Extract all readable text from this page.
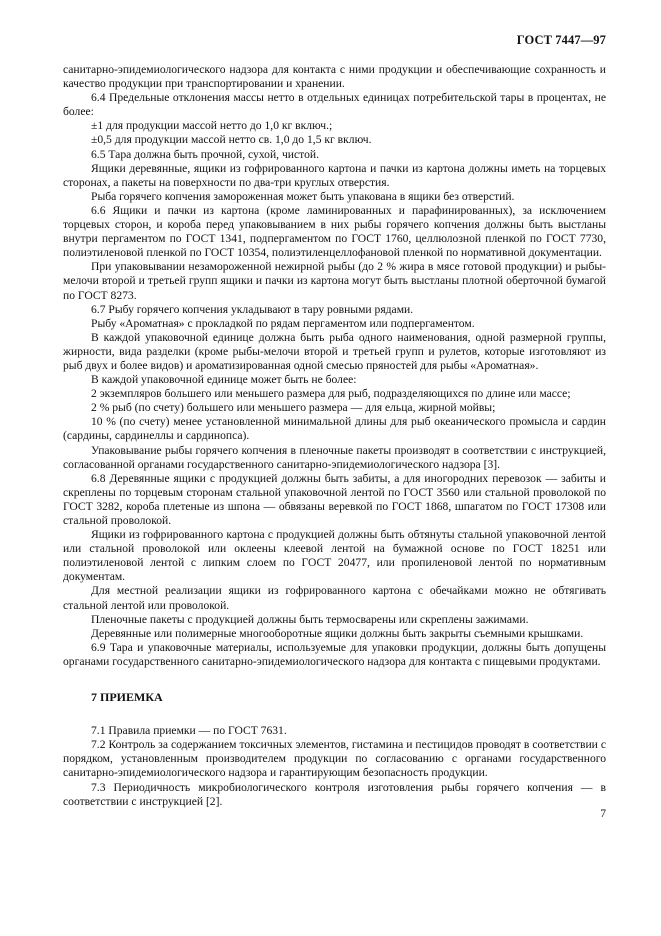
ГОСТ 7447—97

санитарно-эпидемиологического надзора для контакта с ними продукции и обеспечивающие сохранность и качество продукции при транспортировании и хранении.

6.4 Предельные отклонения массы нетто в отдельных единицах потребительской тары в процентах, не более:

±1 для продукции массой нетто до 1,0 кг включ.;

±0,5 для продукции массой нетто св. 1,0 до 1,5 кг включ.

6.5 Тара должна быть прочной, сухой, чистой.

Ящики деревянные, ящики из гофрированного картона и пачки из картона должны иметь на торцевых сторонах, а пакеты на поверхности по два-три круглых отверстия.

Рыба горячего копчения замороженная может быть упакована в ящики без отверстий.

6.6 Ящики и пачки из картона (кроме ламинированных и парафинированных), за исключением торцевых сторон, и короба перед упаковыванием в них рыбы горячего копчения должны быть выстланы внутри пергаментом по ГОСТ 1341, подпергаментом по ГОСТ 1760, целлюлозной пленкой по ГОСТ 7730, полиэтиленовой пленкой по ГОСТ 10354, полиэтиленцеллофановой пленкой по нормативной документации.

При упаковывании незамороженной нежирной рыбы (до 2 % жира в мясе готовой продукции) и рыбы-мелочи второй и третьей групп ящики и пачки из картона могут быть выстланы плотной оберточной бумагой по ГОСТ 8273.

6.7 Рыбу горячего копчения укладывают в тару ровными рядами.

Рыбу «Ароматная» с прокладкой по рядам пергаментом или подпергаментом.

В каждой упаковочной единице должна быть рыба одного наименования, одной размерной группы, жирности, вида разделки (кроме рыбы-мелочи второй и третьей групп и рулетов, которые изготовляют из рыб двух и более видов) и ароматизированная одной смесью пряностей для рыбы «Ароматная».

В каждой упаковочной единице может быть не более:

2 экземпляров большего или меньшего размера для рыб, подразделяющихся по длине или массе;

2 % рыб (по счету) большего или меньшего размера — для ельца, жирной мойвы;

10 % (по счету) менее установленной минимальной длины для рыб океанического промысла и сардин (сардины, сардинеллы и сардинопса).

Упаковывание рыбы горячего копчения в пленочные пакеты производят в соответствии с инструкцией, согласованной органами государственного санитарно-эпидемиологического надзора [3].

6.8 Деревянные ящики с продукцией должны быть забиты, а для иногородних перевозок — забиты и скреплены по торцевым сторонам стальной упаковочной лентой по ГОСТ 3560 или стальной проволокой по ГОСТ 3282, короба плетеные из шпона — обвязаны веревкой по ГОСТ 1868, шпагатом по ГОСТ 17308 или стальной проволокой.

Ящики из гофрированного картона с продукцией должны быть обтянуты стальной упаковочной лентой или стальной проволокой или оклеены клеевой лентой на бумажной основе по ГОСТ 18251 или полиэтиленовой лентой с липким слоем по ГОСТ 20477, или пропиленовой лентой по нормативным документам.

Для местной реализации ящики из гофрированного картона с обечайками можно не обтягивать стальной лентой или проволокой.

Пленочные пакеты с продукцией должны быть термосварены или скреплены зажимами.

Деревянные или полимерные многооборотные ящики должны быть закрыты съемными крышками.

6.9 Тара и упаковочные материалы, используемые для упаковки продукции, должны быть допущены органами государственного санитарно-эпидемиологического надзора для контакта с пищевыми продуктами.

7 ПРИЕМКА

7.1 Правила приемки — по ГОСТ 7631.

7.2 Контроль за содержанием токсичных элементов, гистамина и пестицидов проводят в соответствии с порядком, установленным производителем продукции по согласованию с органами государственного санитарно-эпидемиологического надзора и гарантирующим безопасность продукции.

7.3 Периодичность микробиологического контроля изготовления рыбы горячего копчения — в соответствии с инструкцией [2].

7
